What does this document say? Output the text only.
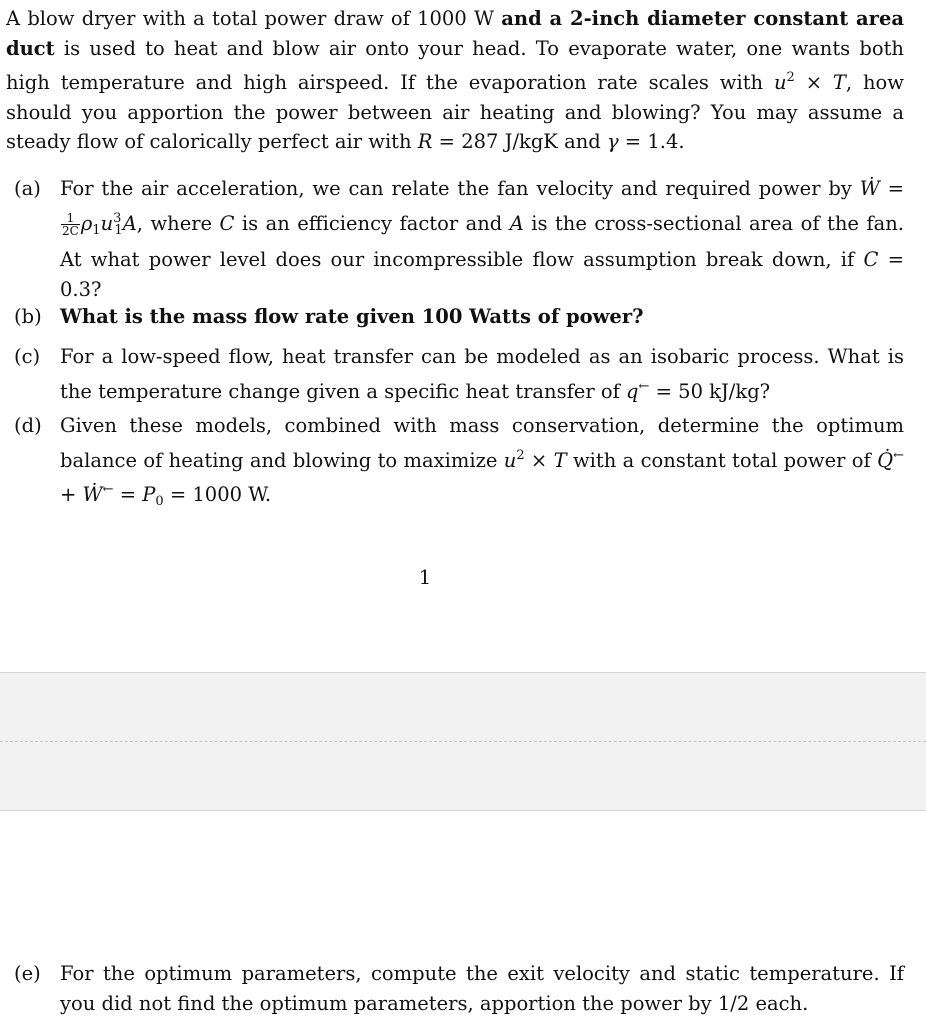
A blow dryer with a total power draw of 1000 W and a 2-inch diameter constant area duct is used to heat and blow air onto your head. To evaporate water, one wants both high temperature and high airspeed. If the evaporation rate scales with $u^2 \times T$, how should you apportion the power between air heating and blowing? You may assume a steady flow of calorically perfect air with R = 287 J/kgK and γ = 1.4.

(a) For the air acceleration, we can relate the fan velocity and required power by Ẇ =
$\frac{1}{2C} \rho_1u^3_1A$, where C is an efficiency factor and A is the cross-sectional area of the fan. At what power level does our incompressible flow assumption break down, if C = 0.3?
(b) What is the mass flow rate given 100 Watts of power?
(c)	For a low-speed flow, heat transfer can be modeled as an isobaric process. What is the temperature change given a specific heat transfer of q← = 50 kJ/kg?
(d) Given these models, combined with mass conservation, determine the optimum balance of heating and blowing to maximize $u^2 \times T$ with a constant total power of Q̇← + Ẇ← = $P_0 = 1000$ W.
1
(e) For the optimum parameters, compute the exit velocity and static temperature. If you did not find the optimum parameters, apportion the power by 1/2 each.
